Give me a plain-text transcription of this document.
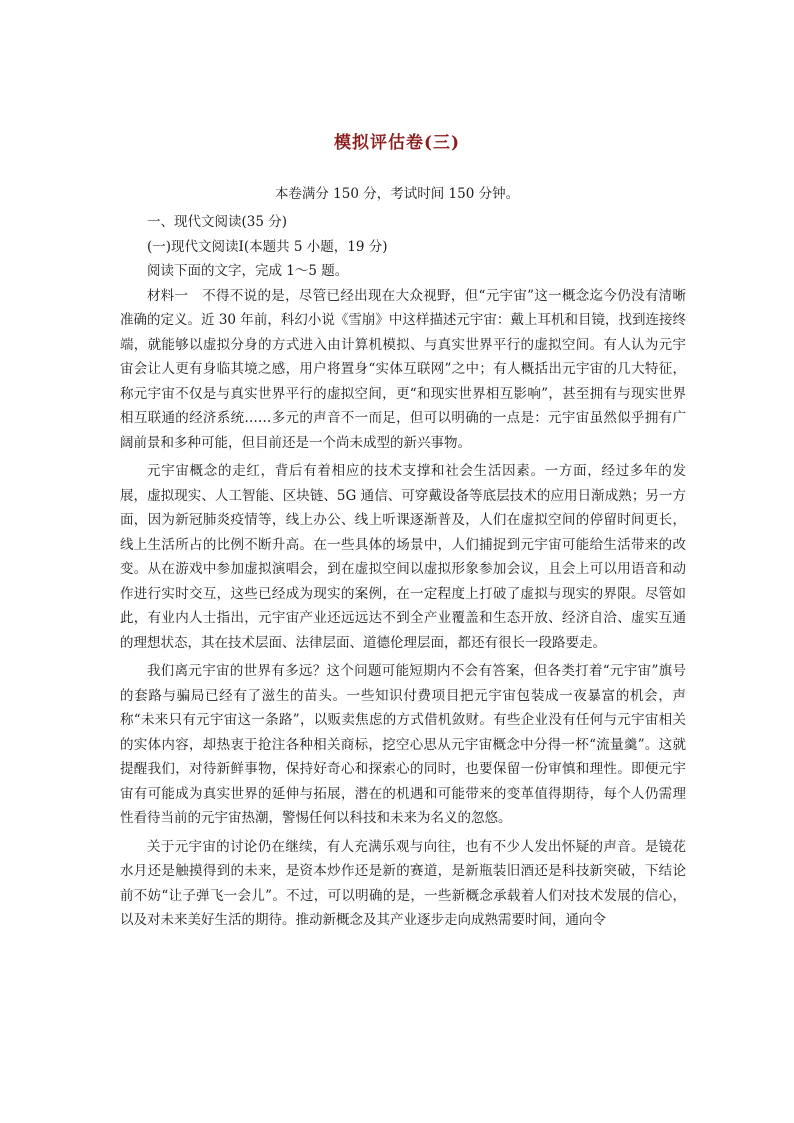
模拟评估卷(三)

本卷满分 150 分，考试时间 150 分钟。

一、现代文阅读(35 分)

(一)现代文阅读Ⅰ(本题共 5 小题，19 分)

阅读下面的文字，完成 1～5 题。

材料一　不得不说的是，尽管已经出现在大众视野，但“元宇宙”这一概念迄今仍没有清晰准确的定义。近 30 年前，科幻小说《雪崩》中这样描述元宇宙：戴上耳机和目镜，找到连接终端，就能够以虚拟分身的方式进入由计算机模拟、与真实世界平行的虚拟空间。有人认为元宇宙会让人更有身临其境之感，用户将置身“实体互联网”之中；有人概括出元宇宙的几大特征，称元宇宙不仅是与真实世界平行的虚拟空间，更“和现实世界相互影响”，甚至拥有与现实世界相互联通的经济系统……多元的声音不一而足，但可以明确的一点是：元宇宙虽然似乎拥有广阔前景和多种可能，但目前还是一个尚未成型的新兴事物。

元宇宙概念的走红，背后有着相应的技术支撑和社会生活因素。一方面，经过多年的发展，虚拟现实、人工智能、区块链、5G 通信、可穿戴设备等底层技术的应用日渐成熟；另一方面，因为新冠肺炎疫情等，线上办公、线上听课逐渐普及，人们在虚拟空间的停留时间更长，线上生活所占的比例不断升高。在一些具体的场景中，人们捕捉到元宇宙可能给生活带来的改变。从在游戏中参加虚拟演唱会，到在虚拟空间以虚拟形象参加会议，且会上可以用语音和动作进行实时交互，这些已经成为现实的案例，在一定程度上打破了虚拟与现实的界限。尽管如此，有业内人士指出，元宇宙产业还远远达不到全产业覆盖和生态开放、经济自洽、虚实互通的理想状态，其在技术层面、法律层面、道德伦理层面，都还有很长一段路要走。

我们离元宇宙的世界有多远？这个问题可能短期内不会有答案，但各类打着“元宇宙”旗号的套路与骗局已经有了滋生的苗头。一些知识付费项目把元宇宙包装成一夜暴富的机会，声称“未来只有元宇宙这一条路”，以贩卖焦虑的方式借机敛财。有些企业没有任何与元宇宙相关的实体内容，却热衷于抢注各种相关商标，挖空心思从元宇宙概念中分得一杯“流量羹”。这就提醒我们，对待新鲜事物，保持好奇心和探索心的同时，也要保留一份审慎和理性。即便元宇宙有可能成为真实世界的延伸与拓展，潜在的机遇和可能带来的变革值得期待，每个人仍需理性看待当前的元宇宙热潮，警惕任何以科技和未来为名义的忽悠。

关于元宇宙的讨论仍在继续，有人充满乐观与向往，也有不少人发出怀疑的声音。是镜花水月还是触摸得到的未来，是资本炒作还是新的赛道，是新瓶装旧酒还是科技新突破，下结论前不妨“让子弹飞一会儿”。不过，可以明确的是，一些新概念承载着人们对技术发展的信心，以及对未来美好生活的期待。推动新概念及其产业逐步走向成熟需要时间，通向令
